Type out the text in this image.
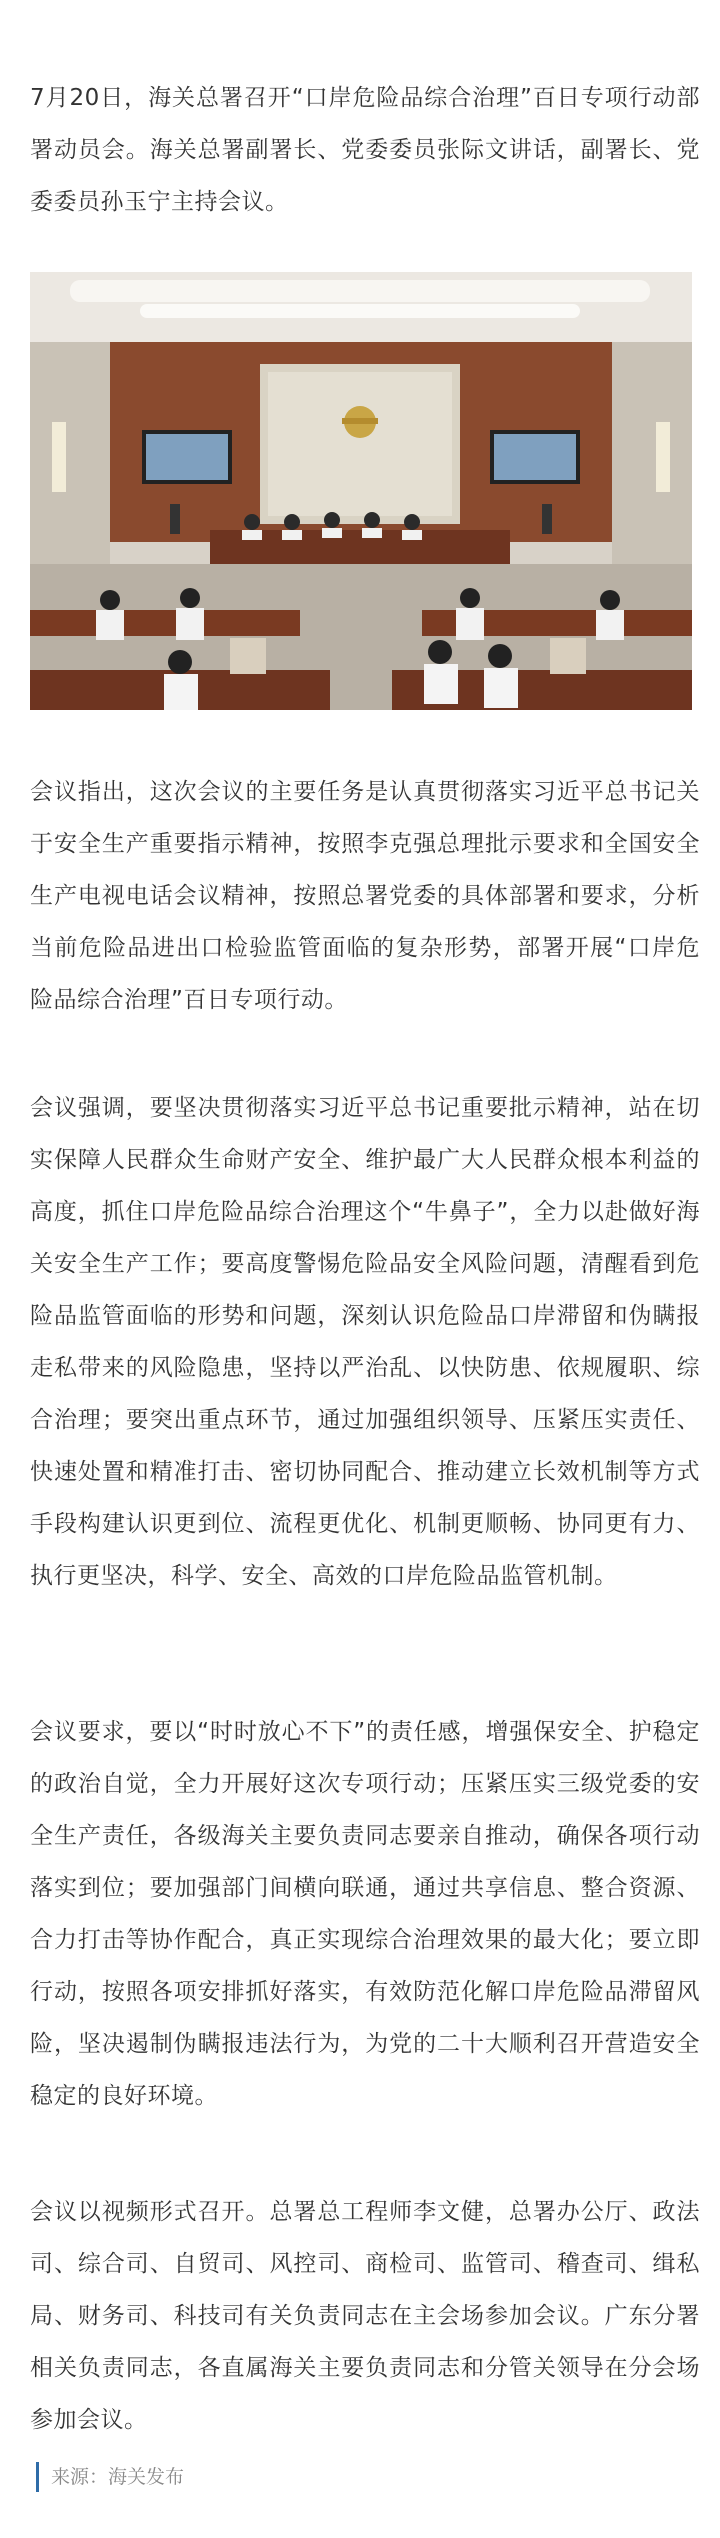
7月20日，海关总署召开“口岸危险品综合治理”百日专项行动部署动员会。海关总署副署长、党委委员张际文讲话，副署长、党委委员孙玉宁主持会议。

会议指出，这次会议的主要任务是认真贯彻落实习近平总书记关于安全生产重要指示精神，按照李克强总理批示要求和全国安全生产电视电话会议精神，按照总署党委的具体部署和要求，分析当前危险品进出口检验监管面临的复杂形势，部署开展“口岸危险品综合治理”百日专项行动。

会议强调，要坚决贯彻落实习近平总书记重要批示精神，站在切实保障人民群众生命财产安全、维护最广大人民群众根本利益的高度，抓住口岸危险品综合治理这个“牛鼻子”，全力以赴做好海关安全生产工作；要高度警惕危险品安全风险问题，清醒看到危险品监管面临的形势和问题，深刻认识危险品口岸滞留和伪瞒报走私带来的风险隐患，坚持以严治乱、以快防患、依规履职、综合治理；要突出重点环节，通过加强组织领导、压紧压实责任、快速处置和精准打击、密切协同配合、推动建立长效机制等方式手段构建认识更到位、流程更优化、机制更顺畅、协同更有力、执行更坚决，科学、安全、高效的口岸危险品监管机制。

会议要求，要以“时时放心不下”的责任感，增强保安全、护稳定的政治自觉，全力开展好这次专项行动；压紧压实三级党委的安全生产责任，各级海关主要负责同志要亲自推动，确保各项行动落实到位；要加强部门间横向联通，通过共享信息、整合资源、合力打击等协作配合，真正实现综合治理效果的最大化；要立即行动，按照各项安排抓好落实，有效防范化解口岸危险品滞留风险，坚决遏制伪瞒报违法行为，为党的二十大顺利召开营造安全稳定的良好环境。

会议以视频形式召开。总署总工程师李文健，总署办公厅、政法司、综合司、自贸司、风控司、商检司、监管司、稽查司、缉私局、财务司、科技司有关负责同志在主会场参加会议。广东分署相关负责同志，各直属海关主要负责同志和分管关领导在分会场参加会议。

来源：海关发布
